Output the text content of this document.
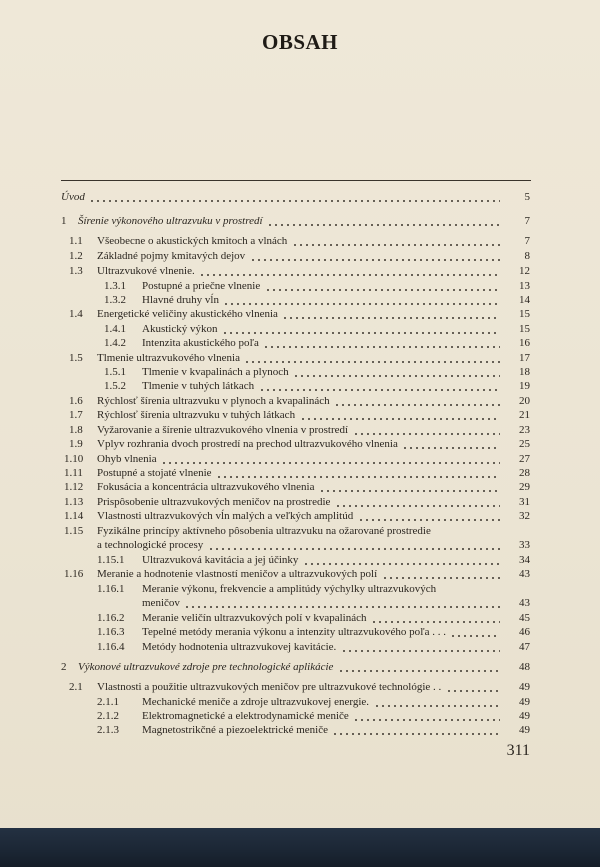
OBSAH
Úvod	5
1 Šírenie výkonového ultrazvuku v prostredí	7
1.1 Všeobecne o akustických kmitoch a vlnách	7
1.2 Základné pojmy kmitavých dejov	8
1.3 Ultrazvukové vlnenie.	12
1.3.1 Postupné a priečne vlnenie	13
1.3.2 Hlavné druhy vĺn	14
1.4 Energetické veličiny akustického vlnenia	15
1.4.1 Akustický výkon	15
1.4.2 Intenzita akustického poľa	16
1.5 Tlmenie ultrazvukového vlnenia	17
1.5.1 Tlmenie v kvapalinách a plynoch	18
1.5.2 Tlmenie v tuhých látkach	19
1.6 Rýchlosť šírenia ultrazvuku v plynoch a kvapalinách	20
1.7 Rýchlosť šírenia ultrazvuku v tuhých látkach	21
1.8 Vyžarovanie a šírenie ultrazvukového vlnenia v prostredí	23
1.9 Vplyv rozhrania dvoch prostredí na prechod ultrazvukového vlnenia	25
1.10 Ohyb vlnenia	27
1.11 Postupné a stojaté vlnenie	28
1.12 Fokusácia a koncentrácia ultrazvukového vlnenia	29
1.13 Prispôsobenie ultrazvukových meničov na prostredie	31
1.14 Vlastnosti ultrazvukových vĺn malých a veľkých amplitúd	32
1.15 Fyzikálne princípy aktívneho pôsobenia ultrazvuku na ožarované prostredie
a technologické procesy	33
1.15.1 Ultrazvuková kavitácia a jej účinky	34
1.16 Meranie a hodnotenie vlastností meničov a ultrazvukových polí	43
1.16.1 Meranie výkonu, frekvencie a amplitúdy výchylky ultrazvukových
meničov	43
1.16.2 Meranie veličín ultrazvukových polí v kvapalinách	45
1.16.3 Tepelné metódy merania výkonu a intenzity ultrazvukového poľa . . .	46
1.16.4 Metódy hodnotenia ultrazvukovej kavitácie.	47
2 Výkonové ultrazvukové zdroje pre technologické aplikácie	48
2.1 Vlastnosti a použitie ultrazvukových meničov pre ultrazvukové technológie . .	49
2.1.1 Mechanické meniče a zdroje ultrazvukovej energie.	49
2.1.2 Elektromagnetické a elektrodynamické meniče	49
2.1.3 Magnetostrikčné a piezoelektrické meniče	49
311
